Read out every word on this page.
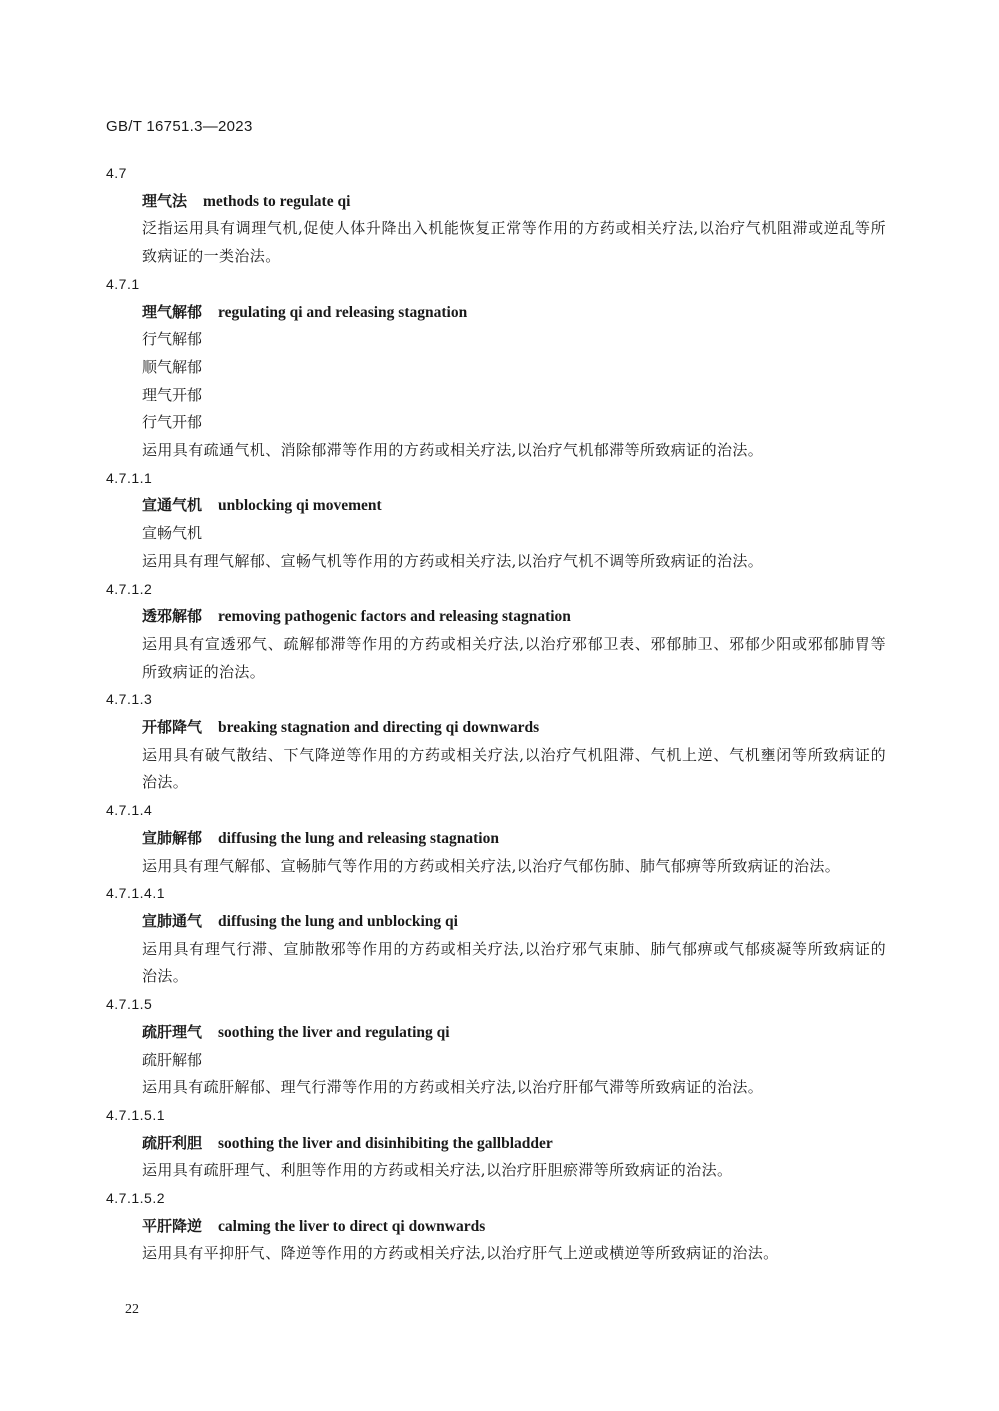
GB/T 16751.3—2023
4.7
理气法 methods to regulate qi
泛指运用具有调理气机,促使人体升降出入机能恢复正常等作用的方药或相关疗法,以治疗气机阻滞或逆乱等所致病证的一类治法。
4.7.1
理气解郁 regulating qi and releasing stagnation
行气解郁
顺气解郁
理气开郁
行气开郁
运用具有疏通气机、消除郁滞等作用的方药或相关疗法,以治疗气机郁滞等所致病证的治法。
4.7.1.1
宣通气机 unblocking qi movement
宣畅气机
运用具有理气解郁、宣畅气机等作用的方药或相关疗法,以治疗气机不调等所致病证的治法。
4.7.1.2
透邪解郁 removing pathogenic factors and releasing stagnation
运用具有宣透邪气、疏解郁滞等作用的方药或相关疗法,以治疗邪郁卫表、邪郁肺卫、邪郁少阳或邪郁肺胃等所致病证的治法。
4.7.1.3
开郁降气 breaking stagnation and directing qi downwards
运用具有破气散结、下气降逆等作用的方药或相关疗法,以治疗气机阻滞、气机上逆、气机壅闭等所致病证的治法。
4.7.1.4
宣肺解郁 diffusing the lung and releasing stagnation
运用具有理气解郁、宣畅肺气等作用的方药或相关疗法,以治疗气郁伤肺、肺气郁痹等所致病证的治法。
4.7.1.4.1
宣肺通气 diffusing the lung and unblocking qi
运用具有理气行滞、宣肺散邪等作用的方药或相关疗法,以治疗邪气束肺、肺气郁痹或气郁痰凝等所致病证的治法。
4.7.1.5
疏肝理气 soothing the liver and regulating qi
疏肝解郁
运用具有疏肝解郁、理气行滞等作用的方药或相关疗法,以治疗肝郁气滞等所致病证的治法。
4.7.1.5.1
疏肝利胆 soothing the liver and disinhibiting the gallbladder
运用具有疏肝理气、利胆等作用的方药或相关疗法,以治疗肝胆瘀滞等所致病证的治法。
4.7.1.5.2
平肝降逆 calming the liver to direct qi downwards
运用具有平抑肝气、降逆等作用的方药或相关疗法,以治疗肝气上逆或横逆等所致病证的治法。
22
